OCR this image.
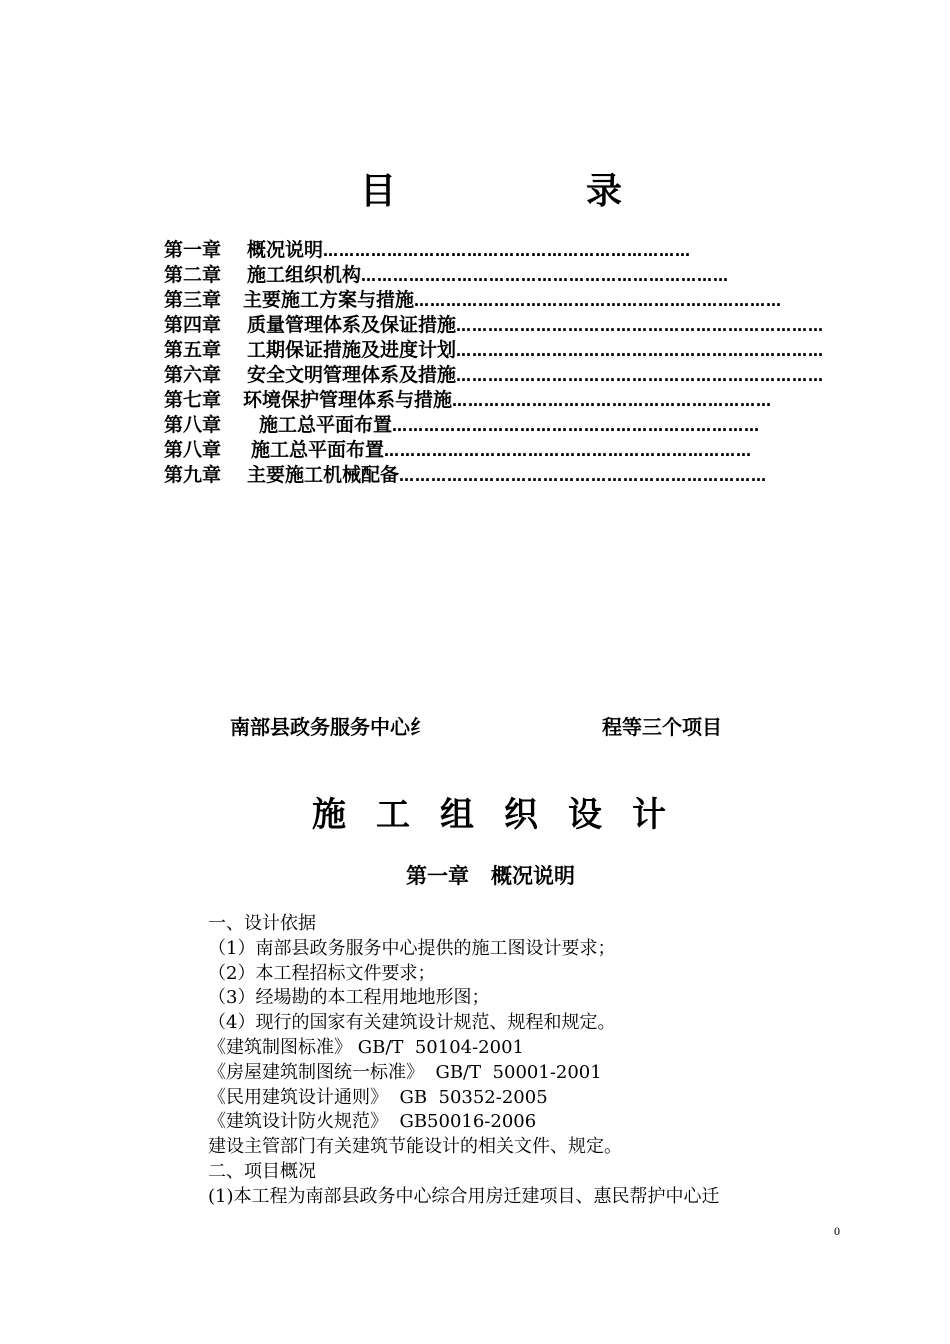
目	录
第一章 概况说明 ……………………………………………………………
第二章 施工组织机构 ……………………………………………………………
第三章 主要施工方案与措施 ……………………………………………………………
第四章 质量管理体系及保证措施 ……………………………………………………………
第五章 工期保证措施及进度计划 ……………………………………………………………
第六章 安全文明管理体系及措施 ……………………………………………………………
第七章 环境保护管理体系与措施 ……………………………………………………
第八章 施工总平面布置 ……………………………………………………………
第八章 施工总平面布置 ……………………………………………………………
第九章 主要施工机械配备 ……………………………………………………………
南部县政务服务中心纟	程等三个项目
施工组织设计
第一章 概况说明
一、设计依据
（1）南部县政务服务中心提供的施工图设计要求；
（2）本工程招标文件要求；
（3）经場勘的本工程用地地形图；
（4）现行的国家有关建筑设计规范、规程和规定。
《建筑制图标准》 GB/T  50104-2001
《房屋建筑制图统一标准》  GB/T  50001-2001
《民用建筑设计通则》  GB  50352-2005
《建筑设计防火规范》  GB50016-2006
建设主管部门有关建筑节能设计的相关文件、规定。
二、项目概况
(1)本工程为南部县政务中心综合用房迁建项目、惠民帮护中心迁
0
